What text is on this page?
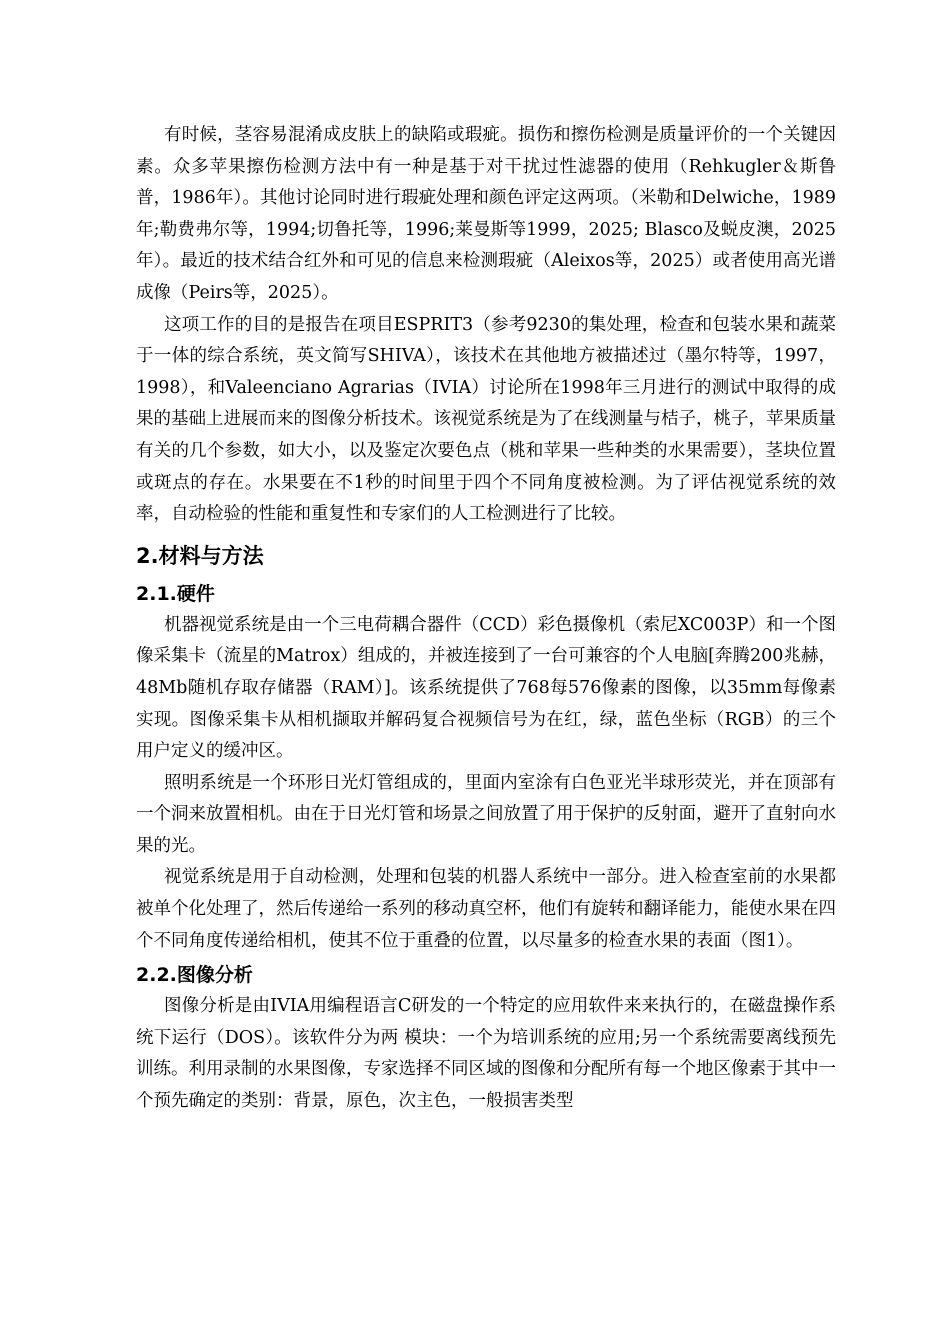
有时候，茎容易混淆成皮肤上的缺陷或瑕疵。损伤和擦伤检测是质量评价的一个关键因素。众多苹果擦伤检测方法中有一种是基于对干扰过性滤器的使用（Rehkugler＆斯鲁普，1986年）。其他讨论同时进行瑕疵处理和颜色评定这两项。（米勒和Delwiche，1989年;勒费弗尔等，1994;切鲁托等，1996;莱曼斯等1999，2025; Blasco及蜕皮澳，2025年）。最近的技术结合红外和可见的信息来检测瑕疵（Aleixos等，2025）或者使用高光谱成像（Peirs等，2025）。

这项工作的目的是报告在项目ESPRIT3（参考9230的集处理，检查和包装水果和蔬菜于一体的综合系统，英文简写SHIVA），该技术在其他地方被描述过（墨尔特等，1997，1998），和Valeenciano Agrarias（IVIA）讨论所在1998年三月进行的测试中取得的成果的基础上进展而来的图像分析技术。该视觉系统是为了在线测量与桔子，桃子，苹果质量有关的几个参数，如大小，以及鉴定次要色点（桃和苹果一些种类的水果需要），茎块位置或斑点的存在。水果要在不1秒的时间里于四个不同角度被检测。为了评估视觉系统的效率，自动检验的性能和重复性和专家们的人工检测进行了比较。

2.材料与方法
2.1.硬件

机器视觉系统是由一个三电荷耦合器件（CCD）彩色摄像机（索尼XC003P）和一个图像采集卡（流星的Matrox）组成的，并被连接到了一台可兼容的个人电脑[奔腾200兆赫，48Mb随机存取存储器（RAM）]。该系统提供了768每576像素的图像，以35mm每像素实现。图像采集卡从相机撷取并解码复合视频信号为在红，绿，蓝色坐标（RGB）的三个用户定义的缓冲区。

照明系统是一个环形日光灯管组成的，里面内室涂有白色亚光半球形荧光，并在顶部有一个洞来放置相机。由在于日光灯管和场景之间放置了用于保护的反射面，避开了直射向水果的光。

视觉系统是用于自动检测，处理和包装的机器人系统中一部分。进入检查室前的水果都被单个化处理了，然后传递给一系列的移动真空杯，他们有旋转和翻译能力，能使水果在四个不同角度传递给相机，使其不位于重叠的位置，以尽量多的检查水果的表面（图1）。

2.2.图像分析

图像分析是由IVIA用编程语言C研发的一个特定的应用软件来来执行的，在磁盘操作系统下运行（DOS）。该软件分为两 模块：一个为培训系统的应用;另一个系统需要离线预先训练。利用录制的水果图像，专家选择不同区域的图像和分配所有每一个地区像素于其中一个预先确定的类别：背景，原色，次主色，一般损害类型
